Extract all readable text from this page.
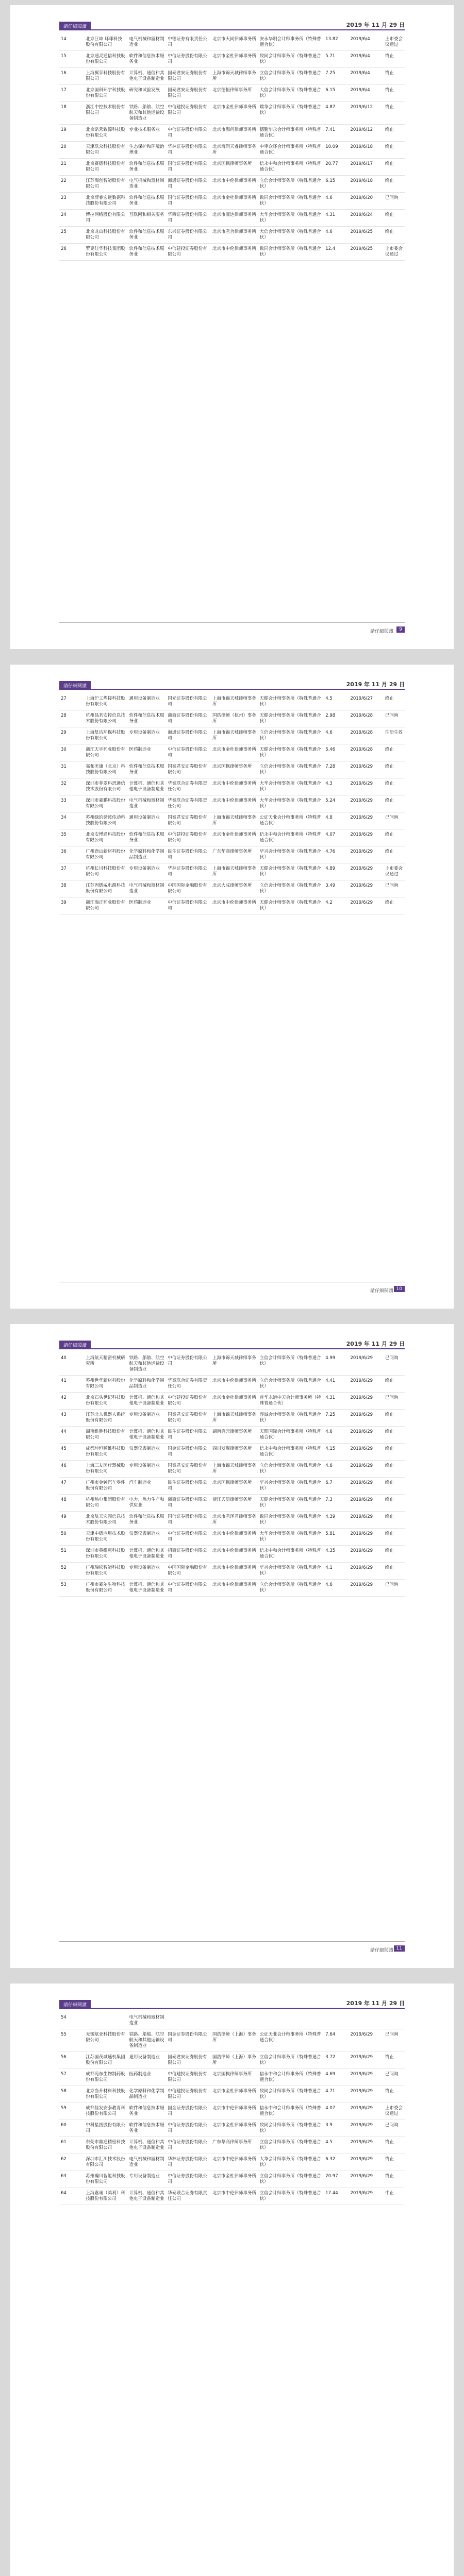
請仔細閱讀	2019 年 11 月 29 日
14	北京巨坤 环球科技股份有限公司	电气机械和器材制造业	中德证券有限责任公司	北京市天同律师事务所	安永华明会计师事务所（特殊普通合伙）	13.82	2019/6/4	上市委会议通过
15	北京通灵通信科技股份有限公司	软件和信息技术服务业	中信证券股份有限公司	北京市金杜律师事务所	致同会计师事务所（特殊普通合伙）	5.71	2019/6/4	终止
16	上海翼荣科技股份有限公司	计算机、通信和其他电子设备制造业	国泰君安证券股份有限公司	上海市锦天城律师事务所	立信会计师事务所（特殊普通合伙）	7.25	2019/6/4	终止
17	北京国科环宇科技股份有限公司	研究和试验发展	国泰君安证券股份有限公司	北京德恒律师事务所	大信会计师事务所（特殊普通合伙）	6.15	2019/6/4	终止
18	浙江中控技术股份有限公司	铁路、船舶、航空航天和其他运输设备制造业	中信建投证券股份有限公司	北京市金杜律师事务所	瑞华会计师事务所（特殊普通合伙）	4.87	2019/6/12	终止
19	北京诺禾致源科技股份有限公司	专业技术服务业	中信证券股份有限公司	北京市海问律师事务所	德勤华永会计师事务所（特殊普通合伙）	7.41	2019/6/12	终止
20	天津联众科技股份有限公司	生态保护和环境治理业	华林证券股份有限公司	北京海润天睿律师事务所	中审众环会计师事务所（特殊普通合伙）	10.09	2019/6/18	终止
21	北京赛德科技股份有限公司	软件和信息技术服务业	国信证券股份有限公司	北京国枫律师事务所	信永中和会计师事务所（特殊普通合伙）	20.77	2019/6/17	终止
22	江苏海创智能股份有限公司	电气机械和器材制造业	海通证券股份有限公司	北京市中伦律师事务所	立信会计师事务所（特殊普通合伙）	6.15	2019/6/18	终止
23	北京博睿宏远数据科技股份有限公司	软件和信息技术服务业	国信证券股份有限公司	北京市金杜律师事务所	致同会计师事务所（特殊普通合伙）	4.6	2019/6/20	已问询
24	博拉网络股份有限公司	互联网和相关服务	华西证券股份有限公司	北京市康达律师事务所	大华会计师事务所（特殊普通合伙）	4.31	2019/6/24	终止
25	北京龙山科技股份有限公司	软件和信息技术服务业	东兴证券股份有限公司	北京市君合律师事务所	大信会计师事务所（特殊普通合伙）	4.6	2019/6/25	终止
26	罗克佳华科技集团股份有限公司	软件和信息技术服务业	中信建投证券股份有限公司	北京市中伦律师事务所	致同会计师事务所（特殊普通合伙）	12.4	2019/6/25	上市委会议通过
請仔細閱讀	9
請仔細閱讀	2019 年 11 月 29 日
27	上海沪工焊接科技股份有限公司	通用设备制造业	国元证券股份有限公司	上海市锦天城律师事务所	天健会计师事务所（特殊普通合伙）	4.5	2019/6/27	终止
28	杭州品茗安控信息技术股份有限公司	软件和信息技术服务业	浙商证券股份有限公司	国浩律师（杭州）事务所	天健会计师事务所（特殊普通合伙）	2.98	2019/6/28	已问询
29	上海复洁环保科技股份有限公司	专用设备制造业	海通证券股份有限公司	上海市锦天城律师事务所	立信会计师事务所（特殊普通合伙）	4.6	2019/6/28	注册生效
30	浙江天宇药业股份有限公司	医药制造业	中信证券股份有限公司	北京市金杜律师事务所	天健会计师事务所（特殊普通合伙）	5.46	2019/6/28	终止
31	嘉和美康（北京）科技股份有限公司	软件和信息技术服务业	国泰君安证券股份有限公司	北京国枫律师事务所	立信会计师事务所（特殊普通合伙）	7.28	2019/6/29	终止
32	深圳市菲菱科思通信技术股份有限公司	计算机、通信和其他电子设备制造业	华泰联合证券有限责任公司	北京市中伦律师事务所	大华会计师事务所（特殊普通合伙）	4.3	2019/6/29	终止
33	深圳市豪鹏科技股份有限公司	电气机械和器材制造业	华泰联合证券有限责任公司	北京市中伦律师事务所	大华会计师事务所（特殊普通合伙）	5.24	2019/6/29	终止
34	苏州绿的谐波传动科技股份有限公司	通用设备制造业	国泰君安证券股份有限公司	上海市锦天城律师事务所	公证天业会计师事务所（特殊普通合伙）	4.8	2019/6/29	已问询
35	北京安博通科技股份有限公司	软件和信息技术服务业	中信建投证券股份有限公司	北京市金杜律师事务所	信永中和会计师事务所（特殊普通合伙）	4.07	2019/6/29	终止
36	广州鹿山新材料股份有限公司	化学原料和化学制品制造业	民生证券股份有限公司	广东华商律师事务所	华兴会计师事务所（特殊普通合伙）	4.76	2019/6/29	终止
37	杭州长川科技股份有限公司	专用设备制造业	华林证券股份有限公司	上海市锦天城律师事务所	天健会计师事务所（特殊普通合伙）	4.89	2019/6/29	上市委会议通过
38	江苏固德威电源科技股份有限公司	电气机械和器材制造业	中国国际金融股份有限公司	北京大成律师事务所	立信会计师事务所（特殊普通合伙）	3.49	2019/6/29	已问询
39	浙江海正药业股份有限公司	医药制造业	中信证券股份有限公司	北京市中伦律师事务所	天健会计师事务所（特殊普通合伙）	4.2	2019/6/29	终止
請仔細閱讀 10
請仔細閱讀	2019 年 11 月 29 日
40	上海航天精密机械研究所	铁路、船舶、航空航天和其他运输设备制造业	中信证券股份有限公司	上海市锦天城律师事务所	立信会计师事务所（特殊普通合伙）	4.99	2019/6/29	已问询
41	苏州世华新材料股份有限公司	化学原料和化学制品制造业	华泰联合证券有限责任公司	北京市中伦律师事务所	立信会计师事务所（特殊普通合伙）	4.41	2019/6/29	终止
42	北京石头世纪科技股份有限公司	计算机、通信和其他电子设备制造业	中信建投证券股份有限公司	北京市金杜律师事务所	普华永道中天会计师事务所（特殊普通合伙）	4.31	2019/6/29	已问询
43	江苏北人机器人系统股份有限公司	专用设备制造业	国泰君安证券股份有限公司	上海市锦天城律师事务所	容诚会计师事务所（特殊普通合伙）	7.25	2019/6/29	终止
44	湖南维胜科技股份有限公司	计算机、通信和其他电子设备制造业	民生证券股份有限公司	湖南启元律师事务所	天职国际会计师事务所（特殊普通合伙）	4.6	2019/6/29	终止
45	成都坤恒顺维科技股份有限公司	仪器仪表制造业	国金证券股份有限公司	四川发现律师事务所	信永中和会计师事务所（特殊普通合伙）	4.15	2019/6/29	终止
46	上海三友医疗器械股份有限公司	专用设备制造业	国泰君安证券股份有限公司	上海市锦天城律师事务所	立信会计师事务所（特殊普通合伙）	4.6	2019/6/29	终止
47	广州市金钟汽车零件股份有限公司	汽车制造业	民生证券股份有限公司	北京国枫律师事务所	华兴会计师事务所（特殊普通合伙）	6.7	2019/6/29	终止
48	杭州热电集团股份有限公司	电力、热力生产和供应业	浙商证券股份有限公司	浙江天册律师事务所	天健会计师事务所（特殊普通合伙）	7.3	2019/6/29	终止
49	北京航天宏图信息技术股份有限公司	软件和信息技术服务业	国信证券股份有限公司	北京市君泽君律师事务所	致同会计师事务所（特殊普通合伙）	4.39	2019/6/29	终止
50	天津中德应用技术股份有限公司	仪器仪表制造业	中信证券股份有限公司	北京市中伦律师事务所	大华会计师事务所（特殊普通合伙）	5.81	2019/6/29	终止
51	深圳市英维克科技股份有限公司	计算机、通信和其他电子设备制造业	招商证券股份有限公司	北京市中伦律师事务所	信永中和会计师事务所（特殊普通合伙）	4.35	2019/6/29	终止
52	广州瑞松智能科技股份有限公司	专用设备制造业	中国国际金融股份有限公司	北京市中伦律师事务所	华兴会计师事务所（特殊普通合伙）	4.1	2019/6/29	终止
53	广州市豪尔生物科技股份有限公司	计算机、通信和其他电子设备制造业	中信证券股份有限公司	北京市中伦律师事务所	立信会计师事务所（特殊普通合伙）	4.6	2019/6/29	已问询
請仔細閱讀 11
請仔細閱讀	2019 年 11 月 29 日
54		电气机械和器材制造业						
55	无锡航亚科技股份有限公司	铁路、船舶、航空航天和其他运输设备制造业	国金证券股份有限公司	国浩律师（上海）事务所	公证天业会计师事务所（特殊普通合伙）	7.64	2019/6/29	已问询
56	江苏国茂减速机集团股份有限公司	通用设备制造业	国泰君安证券股份有限公司	国浩律师（上海）事务所	立信会计师事务所（特殊普通合伙）	3.72	2019/6/29	终止
57	成都苑东生物制药股份有限公司	医药制造业	中信建投证券股份有限公司	北京国枫律师事务所	信永中和会计师事务所（特殊普通合伙）	4.69	2019/6/29	已问询
58	北京当升材料科技股份有限公司	化学原料和化学制品制造业	中信建投证券股份有限公司	北京市金杜律师事务所	致同会计师事务所（特殊普通合伙）	4.71	2019/6/29	终止
59	成都佳发安泰教育科技股份有限公司	软件和信息技术服务业	国金证券股份有限公司	北京市中伦律师事务所	信永中和会计师事务所（特殊普通合伙）	4.07	2019/6/29	上市委会议通过
60	中科星图股份有限公司	软件和信息技术服务业	中信证券股份有限公司	北京市金杜律师事务所	致同会计师事务所（特殊普通合伙）	3.9	2019/6/29	已问询
61	东莞市鼎通精密科技股份有限公司	计算机、通信和其他电子设备制造业	中信证券股份有限公司	广东华商律师事务所	立信会计师事务所（特殊普通合伙）	4.5	2019/6/29	终止
62	深圳市汇川技术股份有限公司	电气机械和器材制造业	华林证券股份有限公司	北京市中伦律师事务所	大华会计师事务所（特殊普通合伙）	6.32	2019/6/29	终止
63	苏州瀚川智能科技股份有限公司	专用设备制造业	中信证券股份有限公司	北京市金杜律师事务所	立信会计师事务所（特殊普通合伙）	20.97	2019/6/29	终止
64	上海嘉诚（鸿利）科技股份有限公司	计算机、通信和其他电子设备制造业	华泰联合证券有限责任公司	北京市中伦律师事务所	立信会计师事务所（特殊普通合伙）	17.44	2019/6/29	中止
